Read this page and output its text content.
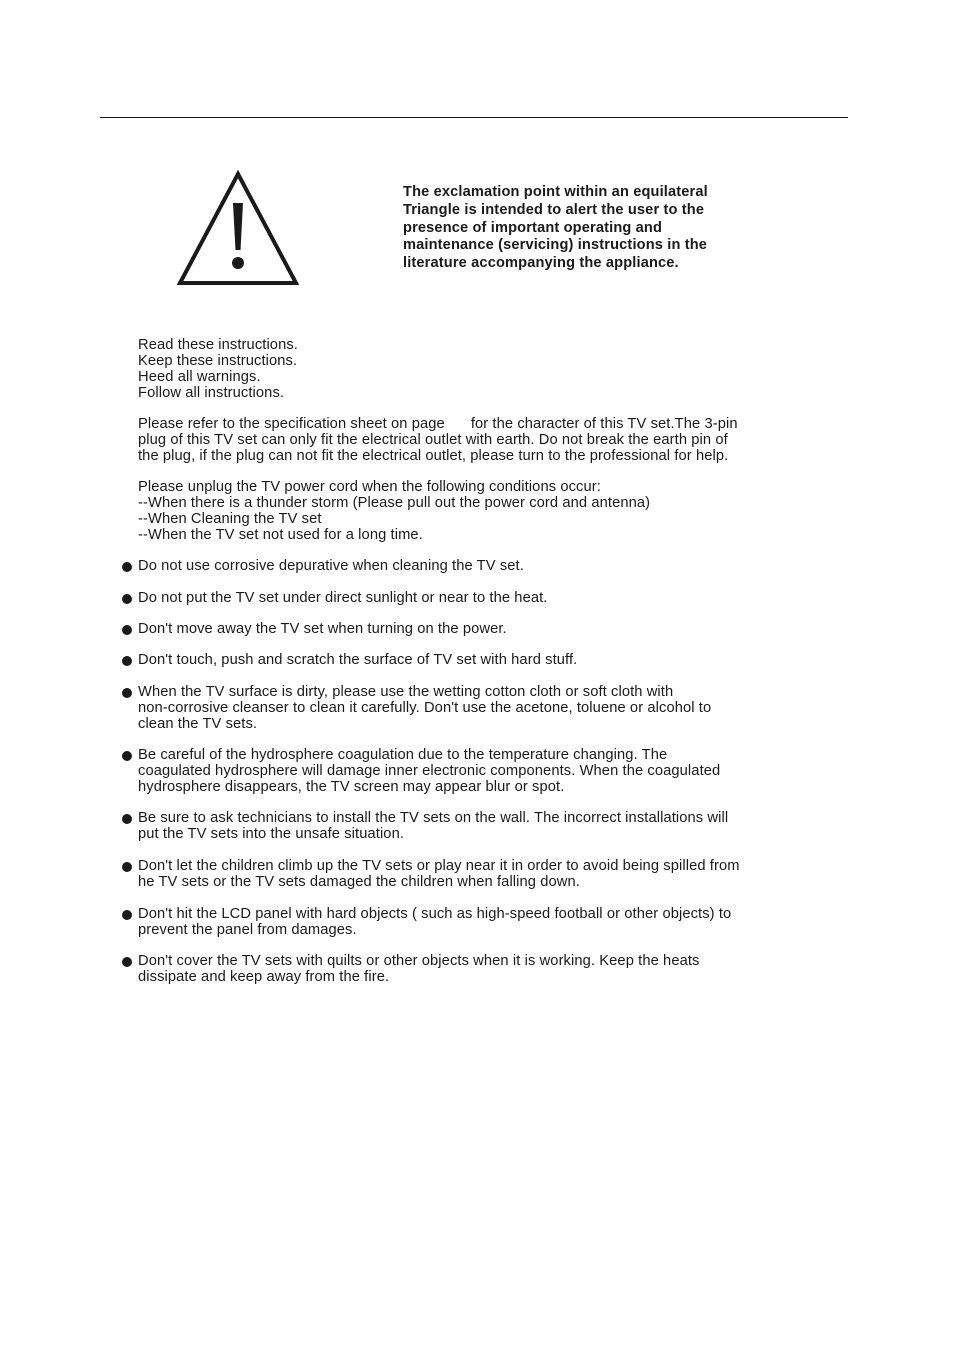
The exclamation point within an equilateral
Triangle is intended to alert the user to the
presence of important operating and
maintenance (servicing) instructions in the
literature accompanying the appliance.
Read these instructions.
Keep these instructions.
Heed all warnings.
Follow all instructions.
Please refer to the specification sheet on page for the character of this TV set.The 3-pin
plug of this TV set can only fit the electrical outlet with earth. Do not break the earth pin of
the plug, if the plug can not fit the electrical outlet, please turn to the professional for help.
Please unplug the TV power cord when the following conditions occur:
--When there is a thunder storm (Please pull out the power cord and antenna)
--When Cleaning the TV set
--When the TV set not used for a long time.
Do not use corrosive depurative when cleaning the TV set.
Do not put the TV set under direct sunlight or near to the heat.
Don't move away the TV set when turning on the power.
Don't touch, push and scratch the surface of TV set with hard stuff.
When the TV surface is dirty, please use the wetting cotton cloth or soft cloth with
non-corrosive cleanser to clean it carefully. Don't use the acetone, toluene or alcohol to
clean the TV sets.
Be careful of the hydrosphere coagulation due to the temperature changing. The
coagulated hydrosphere will damage inner electronic components. When the coagulated
hydrosphere disappears, the TV screen may appear blur or spot.
Be sure to ask technicians to install the TV sets on the wall. The incorrect installations will
put the TV sets into the unsafe situation.
Don't let the children climb up the TV sets or play near it in order to avoid being spilled from
he TV sets or the TV sets damaged the children when falling down.
Don't hit the LCD panel with hard objects ( such as high-speed football or other objects) to
prevent the panel from damages.
Don't cover the TV sets with quilts or other objects when it is working. Keep the heats
dissipate and keep away from the fire.
